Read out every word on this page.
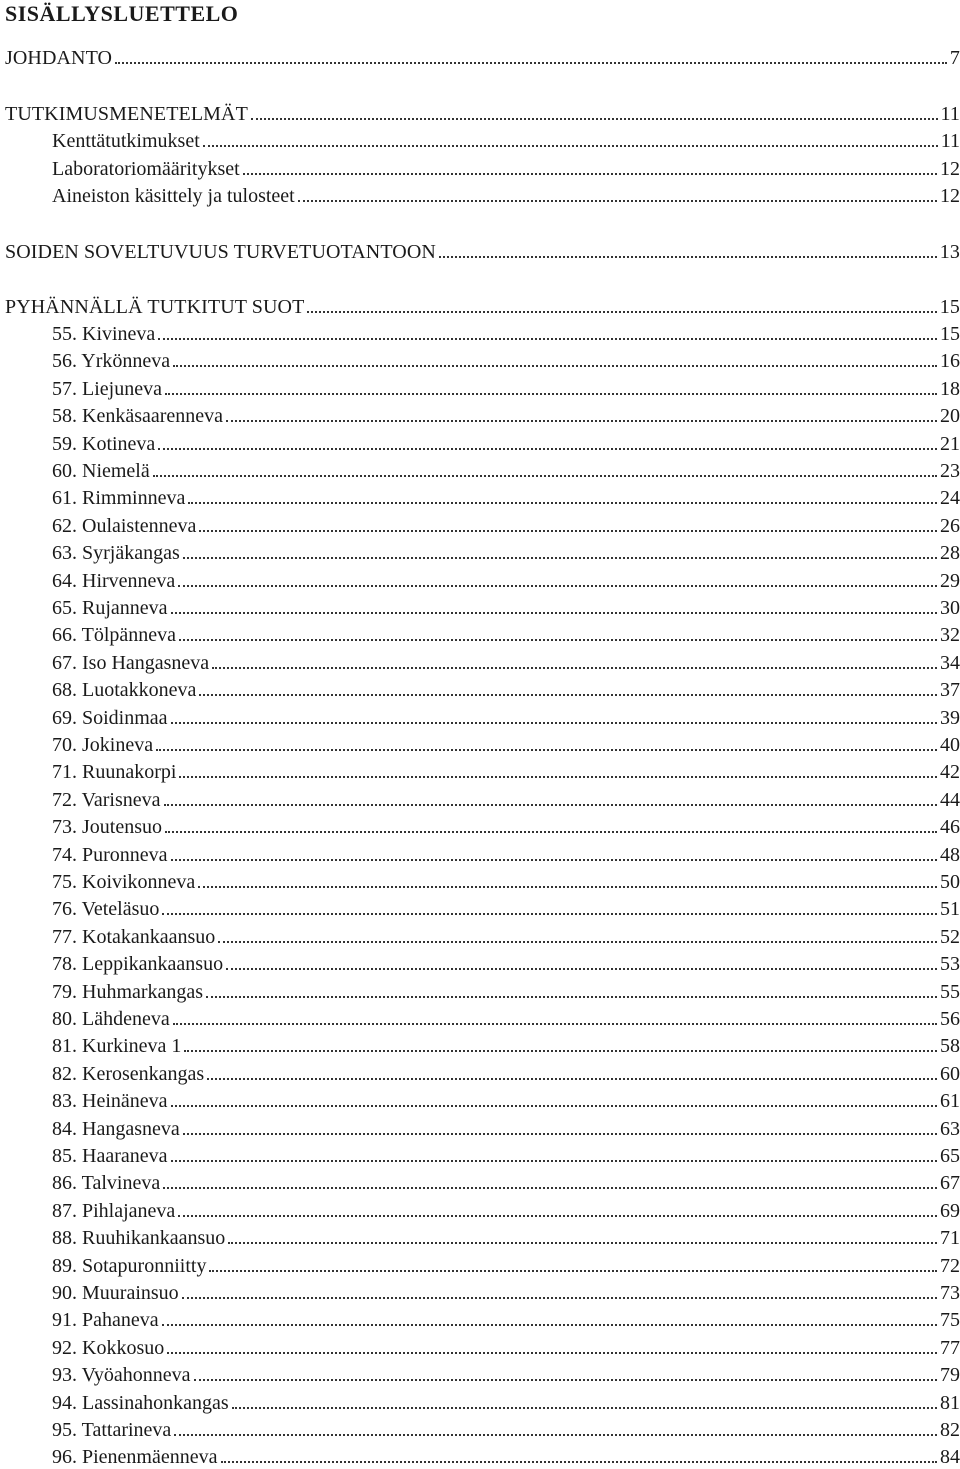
SISÄLLYSLUETTELO
JOHDANTO	7
TUTKIMUSMENETELMÄT	11
Kenttätutkimukset	11
Laboratoriomääritykset	12
Aineiston käsittely ja tulosteet	12
SOIDEN SOVELTUVUUS TURVETUOTANTOON	13
PYHÄNNÄLLÄ TUTKITUT SUOT	15
55. Kivineva	15
56. Yrkönneva	16
57. Liejuneva	18
58. Kenkäsaarenneva	20
59. Kotineva	21
60. Niemelä	23
61. Rimminneva	24
62. Oulaistenneva	26
63. Syrjäkangas	28
64. Hirvenneva	29
65. Rujanneva	30
66. Tölpänneva	32
67. Iso Hangasneva	34
68. Luotakkoneva	37
69. Soidinmaa	39
70. Jokineva	40
71. Ruunakorpi	42
72. Varisneva	44
73. Joutensuo	46
74. Puronneva	48
75. Koivikonneva	50
76. Veteläsuo	51
77. Kotakankaansuo	52
78. Leppikankaansuo	53
79. Huhmarkangas	55
80. Lähdeneva	56
81. Kurkineva 1	58
82. Kerosenkangas	60
83. Heinäneva	61
84. Hangasneva	63
85. Haaraneva	65
86. Talvineva	67
87. Pihlajaneva	69
88. Ruuhikankaansuo	71
89. Sotapuronniitty	72
90. Muurainsuo	73
91. Pahaneva	75
92. Kokkosuo	77
93. Vyöahonneva	79
94. Lassinahonkangas	81
95. Tattarineva	82
96. Pienenmäenneva	84
